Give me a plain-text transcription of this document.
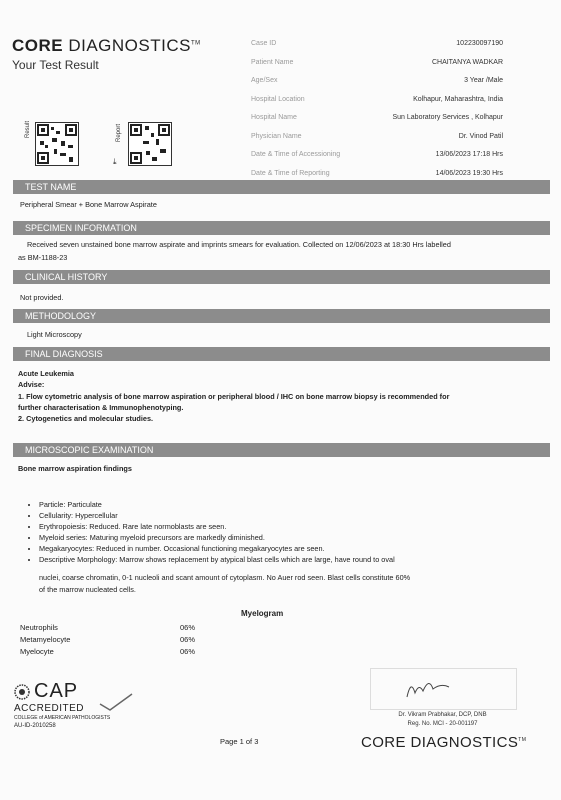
CORE DIAGNOSTICS™
Your Test Result
Result	Report
⤓
Case ID	102230097190
Patient Name	CHAITANYA WADKAR
Age/Sex	3 Year /Male
Hospital Location	Kolhapur, Maharashtra, India
Hospital Name	Sun Laboratory Services , Kolhapur
Physician Name	Dr. Vinod Patil
Date & Time of Accessioning	13/06/2023 17:18 Hrs
Date & Time of Reporting	14/06/2023 19:30 Hrs
TEST NAME
Peripheral Smear + Bone Marrow Aspirate
SPECIMEN INFORMATION
Received seven unstained bone marrow aspirate and imprints smears for evaluation. Collected on 12/06/2023 at 18:30 Hrs labelled
as BM-1188-23
CLINICAL HISTORY
Not provided.
METHODOLOGY
Light Microscopy
FINAL DIAGNOSIS
Acute Leukemia
Advise:
1. Flow cytometric analysis of bone marrow aspiration or peripheral blood / IHC on bone marrow biopsy is recommended for
further characterisation & Immunophenotyping.
2. Cytogenetics and molecular studies.
MICROSCOPIC EXAMINATION
Bone marrow aspiration findings
• Particle: Particulate
• Cellularity: Hypercellular
• Erythropoiesis: Reduced. Rare late normoblasts are seen.
• Myeloid series: Maturing myeloid precursors are markedly diminished.
• Megakaryocytes: Reduced in number. Occasional functioning megakaryocytes are seen.
• Descriptive Morphology: Marrow shows replacement by atypical blast cells which are large, have round to oval
nuclei, coarse chromatin, 0-1 nucleoli and scant amount of cytoplasm. No Auer rod seen. Blast cells constitute 60%
of the marrow nucleated cells.
Myelogram
Neutrophils	06%
Metamyelocyte	06%
Myelocyte	06%
CAP
ACCREDITED
COLLEGE of AMERICAN PATHOLOGISTS
AU-ID-2010258
Page 1 of 3
Dr. Vikram Prabhakar, DCP, DNB
Reg. No. MCI - 20-001197
CORE DIAGNOSTICS™
